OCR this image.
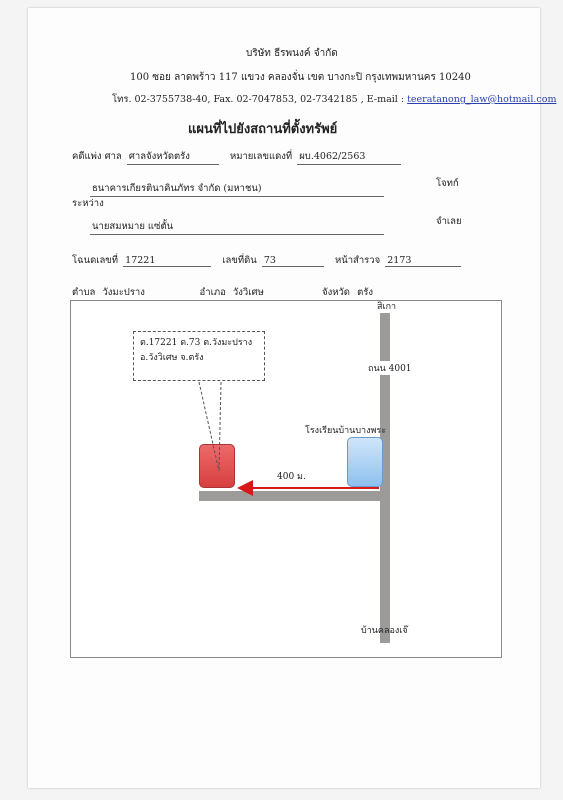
บริษัท ธีรพนงค์ จำกัด
100 ซอย ลาดพร้าว 117 แขวง คลองจั่น เขต บางกะปิ กรุงเทพมหานคร 10240
โทร. 02-3755738-40, Fax. 02-7047853, 02-7342185 , E-mail : teeratanong_law@hotmail.com
แผนที่ไปยังสถานที่ตั้งทรัพย์
คดีแพ่ง ศาล ศาลจังหวัดตรัง	หมายเลขแดงที่ ผบ.4062/2563
ธนาคารเกียรตินาคินภัทร จำกัด (มหาชน)	โจทก์
ระหว่าง
นายสมหมาย แซ่ตั้น	จำเลย
โฉนดเลขที่ 17221	เลขที่ดิน 73	หน้าสำรวจ 2173
ตำบล วังมะปราง	อำเภอ วังวิเศษ	จังหวัด ตรัง
ต.17221 ด.73 ต.วังมะปราง
อ.วังวิเศษ จ.ตรัง
สิเกา
ถนน 4001
โรงเรียนบ้านบางพระ
400 ม.
บ้านคลองเจ๊
